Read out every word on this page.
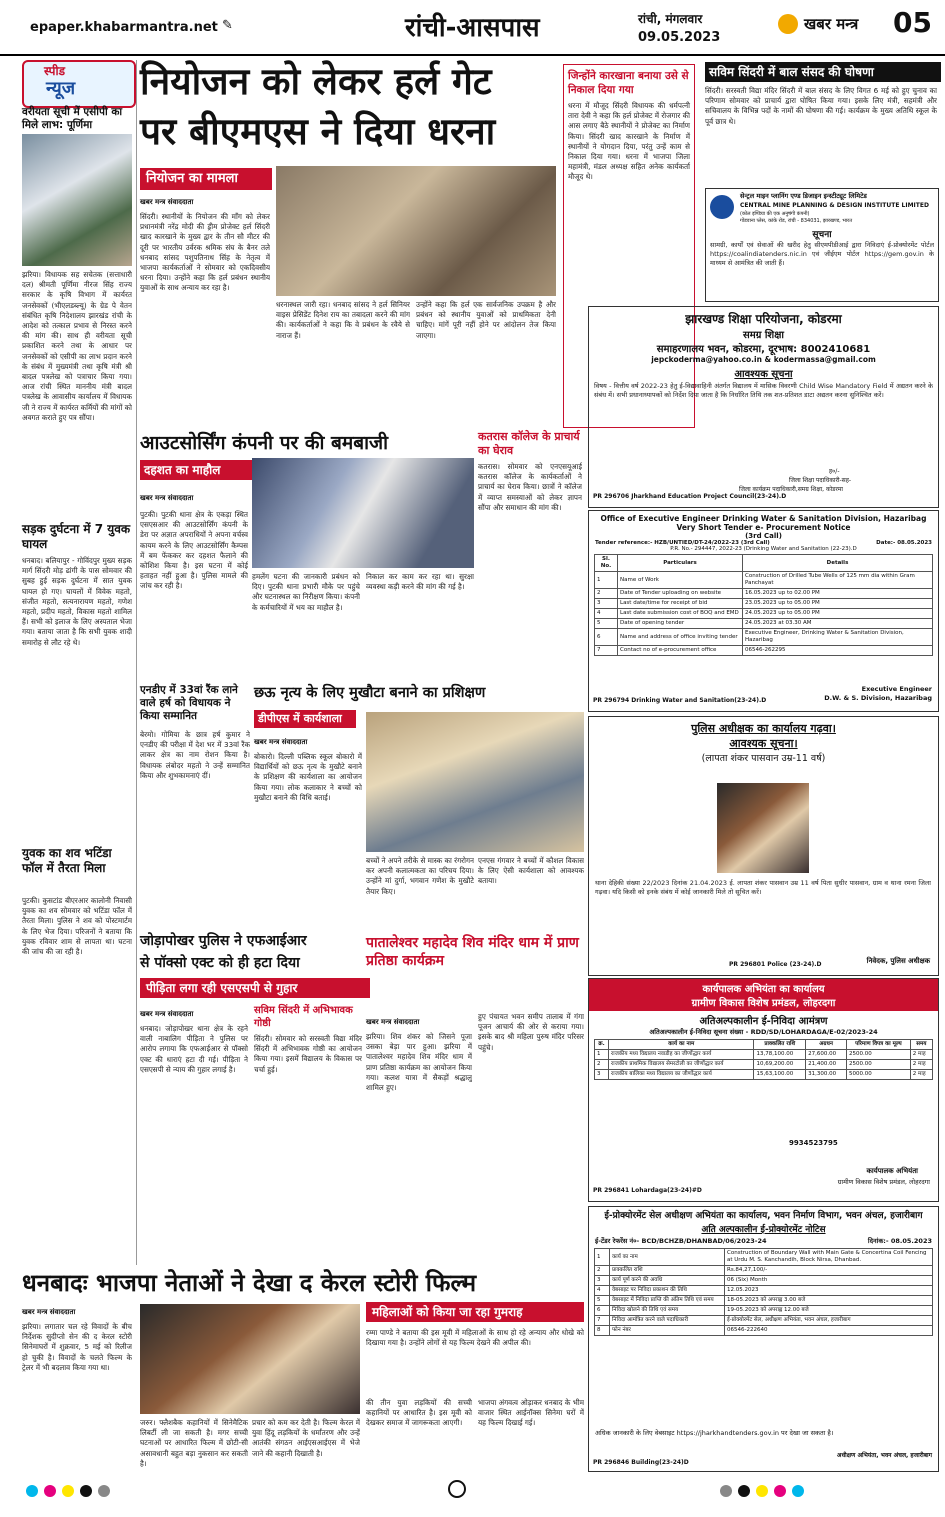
epaper.khabarmantra.net ✎	रांची-आसपास	रांची, मंगलवार
09.05.2023
खबर मन्त्र 05
स्पीड
न्यूज
वरीयता सूची में एसीपी का मिले लाभ: पूर्णिमा
झरिया। विधायक सह सचेतक (सत्ताधारी दल) श्रीमती पूर्णिमा नीरज सिंह राज्य सरकार के कृषि विभाग में कार्यरत जनसेवकों (भीएलडब्ल्यू) के ग्रेड पे वेतन संबंधित कृषि निदेशालय झारखंड रांची के आदेश को तत्काल प्रभाव से निरस्त करने की मांग की। साथ ही वरीयता सूची प्रकाशित करने तथा के आधार पर जनसेवकों को एसीपी का लाभ प्रदान करने के संबंध में मुख्यमंत्री तथा कृषि मंत्री श्री बादल पत्रलेख को पत्राचार किया गया। आज रांची स्थित माननीय मंत्री बादल पत्रलेख के आवासीय कार्यालय में विधायक जी ने राज्य में कार्यरत कर्मियों की मांगों को अवगत कराते हुए पत्र सौंपा।
सड़क दुर्घटना में 7 युवक घायल
धनबाद। बलियापुर - गोविंदपुर मुख्य सड़क मार्ग सिंदरी मोड़ ढांगी के पास सोमवार की सुबह हुई सड़क दुर्घटना में सात युवक घायल हो गए। घायलों में विवेक महतो, संजीत महतो, सत्यनारायण महतो, गणेश महतो, प्रदीप महतो, विकास महतो शामिल हैं। सभी को इलाज के लिए अस्पताल भेजा गया। बताया जाता है कि सभी युवक शादी समारोह से लौट रहे थे।
युवक का शव भटिंडा फॉल में तैरता मिला
पुटकी। कुसटांड बीएरआर कालोनी निवासी युवक का शव सोमवार को भटिंडा फॉल में तैरता मिला। पुलिस ने शव को पोस्टमार्टम के लिए भेज दिया। परिजनों ने बताया कि युवक रविवार शाम से लापता था। घटना की जांच की जा रही है।
नियोजन को लेकर हर्ल गेट
पर बीएमएस ने दिया धरना
नियोजन का मामला
खबर मन्त्र संवाददाता
सिंदरी। स्थानीयों के नियोजन की माँग को लेकर प्रधानमंत्री नरेंद्र मोदी की ड्रीम प्रोजेक्ट हर्ल सिंदरी खाद कारखाने के मुख्य द्वार के तीन सौ मीटर की दूरी पर भारतीय उर्वरक श्रमिक संघ के बैनर तले धनबाद सांसद पशुपतिनाथ सिंह के नेतृत्व में भाजपा कार्यकर्ताओं ने सोमवार को एकदिवसीय धरना दिया। उन्होंने कहा कि हर्ल प्रबंधन स्थानीय युवाओं के साथ अन्याय कर रहा है।
धरनास्थल जारी रहा। धनबाद सांसद ने हर्ल सिनियर वाइस प्रेसिडेंट दिनेश राय का तबादला करने की मांग की। कार्यकर्ताओं ने कहा कि वे प्रबंधन के रवैये से नाराज हैं।
उन्होंने कहा कि हर्ल एक सार्वजनिक उपक्रम है और प्रबंधन को स्थानीय युवाओं को प्राथमिकता देनी चाहिए। मांगें पूरी नहीं होने पर आंदोलन तेज किया जाएगा।
जिन्होंने कारखाना बनाया उसे से निकाल दिया गया
धरना में मौजूद सिंदरी विधायक की धर्मपत्नी तारा देवी ने कहा कि हर्ल प्रोजेक्ट में रोजगार की आस लगाए बैठे स्थानीयों ने प्रोजेक्ट का निर्माण किया। सिंदरी खाद कारखाने के निर्माण में स्थानीयों ने योगदान दिया, परंतु उन्हें काम से निकाल दिया गया। धरना में भाजपा जिला महामंत्री, मंडल अध्यक्ष सहित अनेक कार्यकर्ता मौजूद थे।
सविम सिंदरी में बाल संसद की घोषणा
सिंदरी। सरस्वती विद्या मंदिर सिंदरी में बाल संसद के लिए विगत 6 मई को हुए चुनाव का परिणाम सोमवार को प्राचार्य द्वारा घोषित किया गया। इसके लिए मंत्री, सहमंत्री और सचिवालय के विभिन्न पदों के नामों की घोषणा की गई। कार्यक्रम के मुख्य अतिथि स्कूल के पूर्व छात्र थे।
सेन्ट्रल माइन प्लानिंग एण्ड डिजाइन इन्स्टीट्यूट लिमिटेड
CENTRAL MINE PLANNING & DESIGN INSTITUTE LIMITED
(कोल इण्डिया की एक अनुषंगी कंपनी)
गोंडवाना प्लेस, कांके रोड, रांची - 834031, झारखण्ड, भारत
सूचना
सामग्री, कार्यों एवं सेवाओं की खरीद हेतु सीएमपीडीआई द्वारा निविदाएं ई-प्रोक्योरमेंट पोर्टल https://coalindiatenders.nic.in एवं जीईएम पोर्टल https://gem.gov.in के माध्यम से आमंत्रित की जाती हैं।
झारखण्ड शिक्षा परियोजना, कोडरमा
समग्र शिक्षा
समाहरणालय भवन, कोडरमा, दूरभाष: 8002410681
jepckoderma@yahoo.co.in & kodermassa@gmail.com
आवश्यक सूचना
विषय - वित्तीय वर्ष 2022-23 हेतु ई-विद्यावाहिनी अंतर्गत विद्यालय में मासिक विवरणी Child Wise Mandatory Field में अद्यतन करने के संबंध में। सभी प्रधानाध्यापकों को निर्देश दिया जाता है कि निर्धारित तिथि तक शत-प्रतिशत डाटा अद्यतन करना सुनिश्चित करें।
ह०/-
जिला शिक्षा पदाधिकारी-सह-
जिला कार्यक्रम पदाधिकारी,समग्र शिक्षा, कोडरमा
PR 296706 Jharkhand Education Project Council(23-24).D
Office of Executive Engineer Drinking Water & Sanitation Division, Hazaribag
Very Short Tender e- Procurement Notice
(3rd Call)
Tender reference:- HZB/UNTIED/DT-24/2022-23 (3rd Call)	Date:- 08.05.2023
P.R. No.- 294447, 2022-23 (Drinking Water and Sanitation (22-23).D
Sl. No.	Particulars	Details
1	Name of Work	Construction of Drilled Tube Wells of 125 mm dia within Gram Panchayat
2	Date of Tender uploading on website	16.05.2023 up to 02.00 PM
3	Last date/time for receipt of bid	23.05.2023 up to 05.00 PM
4	Last date submission cost of BOQ and EMD	24.05.2023 up to 05.00 PM
5	Date of opening tender	24.05.2023 at 03.30 AM
6	Name and address of office inviting tender	Executive Engineer, Drinking Water & Sanitation Division, Hazaribag
7	Contact no of e-procurement office	06546-262295
Executive Engineer
D.W. & S. Division, Hazaribag
PR 296794 Drinking Water and Sanitation(23-24).D
आउटसोर्सिंग कंपनी पर की बमबाजी
दहशत का माहौल
खबर मन्त्र संवाददाता
पुटकी। पुटकी थाना क्षेत्र के एकड़ा स्थित एसएसआर की आउटसोर्सिंग कंपनी के डेरा पर अज्ञात अपराधियों ने अपना वर्चस्व कायम करने के लिए आउटसोर्सिंग कैम्पस में बम फेंककर कर दहशत फैलाने की कोशिश किया है। इस घटना में कोई हताहत नहीं हुआ है। पुलिस मामले की जांच कर रही है।
हमलेंग घटना की जानकारी प्रबंधन को दिए। पुटकी थाना प्रभारी मौके पर पहुंचे और घटनास्थल का निरीक्षण किया। कंपनी के कर्मचारियों में भय का माहौल है।
निकाल कर काम कर रहा था। सुरक्षा व्यवस्था कड़ी करने की मांग की गई है।
कतरास कॉलेज के प्राचार्य का घेराव
कतरास। सोमवार को एनएसयूआई कतरास कॉलेज के कार्यकर्ताओं ने प्राचार्य का घेराव किया। छात्रों ने कॉलेज में व्याप्त समस्याओं को लेकर ज्ञापन सौंपा और समाधान की मांग की।
एनडीए में 33वां रैंक लाने वाले हर्ष को विधायक ने किया सम्मानित
बेरमो। गोमिया के छात्र हर्ष कुमार ने एनडीए की परीक्षा में देश भर में 33वां रैंक लाकर क्षेत्र का नाम रोशन किया है। विधायक लंबोदर महतो ने उन्हें सम्मानित किया और शुभकामनाएं दीं।
छऊ नृत्य के लिए मुखौटा बनाने का प्रशिक्षण
डीपीएस में कार्यशाला
खबर मन्त्र संवाददाता
बोकारो। दिल्ली पब्लिक स्कूल बोकारो में विद्यार्थियों को छऊ नृत्य के मुखौटे बनाने के प्रशिक्षण की कार्यशाला का आयोजन किया गया। लोक कलाकार ने बच्चों को मुखौटा बनाने की विधि बताई।
बच्चों ने अपने तरीके से मास्क का रंगरोगन कर अपनी कलात्मकता का परिचय दिया। उन्होंने मां दुर्गा, भगवान गणेश के मुखौटे तैयार किए।
एनएस गंगवार ने बच्चों में कौशल विकास के लिए ऐसी कार्यशाला को आवश्यक बताया।
जोड़ापोखर पुलिस ने एफआईआर
से पॉक्सो एक्ट को ही हटा दिया
पीड़िता लगा रही एसएसपी से गुहार
खबर मन्त्र संवाददाता
धनबाद। जोड़ापोखर थाना क्षेत्र के रहने वाली नाबालिग पीड़िता ने पुलिस पर आरोप लगाया कि एफआईआर से पॉक्सो एक्ट की धाराएं हटा दी गई। पीड़िता ने एसएसपी से न्याय की गुहार लगाई है।
सविम सिंदरी में अभिभावक गोष्ठी
सिंदरी। सोमवार को सरस्वती विद्या मंदिर सिंदरी में अभिभावक गोष्ठी का आयोजन किया गया। इसमें विद्यालय के विकास पर चर्चा हुई।
पातालेश्वर महादेव शिव मंदिर धाम में प्राण प्रतिष्ठा कार्यक्रम
खबर मन्त्र संवाददाता
झरिया। शिव शंकर को जिसने पूजा उसका बेड़ा पार हुआ। झरिया में पातालेश्वर महादेव शिव मंदिर धाम में प्राण प्रतिष्ठा कार्यक्रम का आयोजन किया गया। कलश यात्रा में सैकड़ों श्रद्धालु शामिल हुए।
हुए पंचायत भवन समीप तालाब में गंगा पूजन आचार्य की ओर से कराया गया। इसके बाद श्री महिला पुरुष मंदिर परिसर पहुंचे।
पुलिस अधीक्षक का कार्यालय गढ़वा।
आवश्यक सूचना।
(लापता शंकर पासवान उम्र-11 वर्ष)
थाना देहिकी संख्या 22/2023 दिनांक 21.04.2023 ई. लापता शंकर पासवान उम्र 11 वर्ष पिता सुधीर पासवान, ग्राम व थाना रमना जिला गढ़वा। यदि किसी को इनके संबंध में कोई जानकारी मिले तो सूचित करें।
निवेदक, पुलिस अधीक्षक
PR 296801 Police (23-24).D
कार्यपालक अभियंता का कार्यालय
ग्रामीण विकास विशेष प्रमंडल, लोहरदगा
अतिअल्पकालीन ई-निविदा आमंत्रण
अतिअल्पकालीन ई-निविदा सूचना संख्या - RDD/SD/LOHARDAGA/E-02/2023-24
क्र.	कार्य का नाम	प्राक्कलित राशि	अग्रधन	परिमाण विपत्र का मूल्य	समय
1	राजकीय मध्य विद्यालय नवाडीह का जीर्णोद्धार कार्य	13,78,100.00	27,600.00	2500.00	2 माह
2	राजकीय प्राथमिक विद्यालय सेमरटोली का जीर्णोद्धार कार्य	10,69,200.00	21,400.00	2500.00	2 माह
3	राजकीय बालिका मध्य विद्यालय का जीर्णोद्धार कार्य	15,63,100.00	31,300.00	5000.00	2 माह
9934523795
कार्यपालक अभियंता
ग्रामीण विकास विशेष प्रमंडल, लोहरदगा
PR 296841 Lohardaga(23-24)#D
ई-प्रोक्योरमेंट सेल अधीक्षण अभियंता का कार्यालय, भवन निर्माण विभाग, भवन अंचल, हजारीबाग
अति अल्पकालीन ई-प्रोक्योरमेंट नोटिस
ई-टेंडर रेफरेंस नं०- BCD/BCHZB/DHANBAD/06/2023-24	दिनांक:- 08.05.2023
1	कार्य का नाम	Construction of Boundary Wall with Main Gate & Concertina Coil Fencing at Urdu M. S. Kanchandih, Block Nirsa, Dhanbad.
2	प्राक्कलित राशि	Rs.84,27,100/-
3	कार्य पूर्ण करने की अवधि	06 (Six) Month
4	वेबसाइट पर निविदा प्रकाशन की तिथि	12.05.2023
5	वेबसाइट में निविदा प्राप्ति की अंतिम तिथि एवं समय	18-05.2023 को अपराह्न 3.00 बजे
6	निविदा खोलने की तिथि एवं समय	19-05.2023 को अपराह्न 12.00 बजे
7	निविदा आमंत्रित करने वाले पदाधिकारी	ई-प्रोक्योरमेंट सेल, अधीक्षण अभियंता, भवन अंचल, हजारीबाग
8	फोन नंबर	06546-222640
अधिक जानकारी के लिए वेबसाइट https://jharkhandtenders.gov.in पर देखा जा सकता है।
अधीक्षण अभियंता, भवन अंचल, हजारीबाग
PR 296846 Building(23-24)D
धनबादः भाजपा नेताओं ने देखा द केरल स्टोरी फिल्म
खबर मन्त्र संवाददाता
झरिया। लगातार चल रहे विवादों के बीच निर्देशक सुदीप्तो सेन की द केरल स्टोरी सिनेमाघरों में शुक्रवार, 5 मई को रिलीज हो चुकी है। विवादों के चलते फिल्म के ट्रेलर में भी बदलाव किया गया था।
जरुर। फ्लैशबैक कहानियों में सिनेमैटिक लिबर्टी ली जा सकती है। मगर सच्ची घटनाओं पर आधारित फिल्म में छोटी-सी असावधानी बहुत बड़ा नुकसान कर सकती है।
प्रचार को कम कर देती है। फिल्म केरल में युवा हिंदू लड़कियों के धर्मांतरण और उन्हें आतंकी संगठन आईएसआईएस में भेजे जाने की कहानी दिखाती है।
महिलाओं को किया जा रहा गुमराह
रम्मा पाण्डे ने बताया की इस मूवी में महिलाओं के साथ हो रहे अन्याय और धोखे को दिखाया गया है। उन्होंने लोगों से यह फिल्म देखने की अपील की।
की तीन युवा लड़कियों की सच्ची कहानियों पर आधारित है। इस मूवी को देखकर समाज में जागरूकता आएगी।
भाजपा अंगवत्व ओड़ाकर धनबाद के भीम वाजार स्थित आईनॉक्स सिनेमा घरों में यह फिल्म दिखाई गई।
